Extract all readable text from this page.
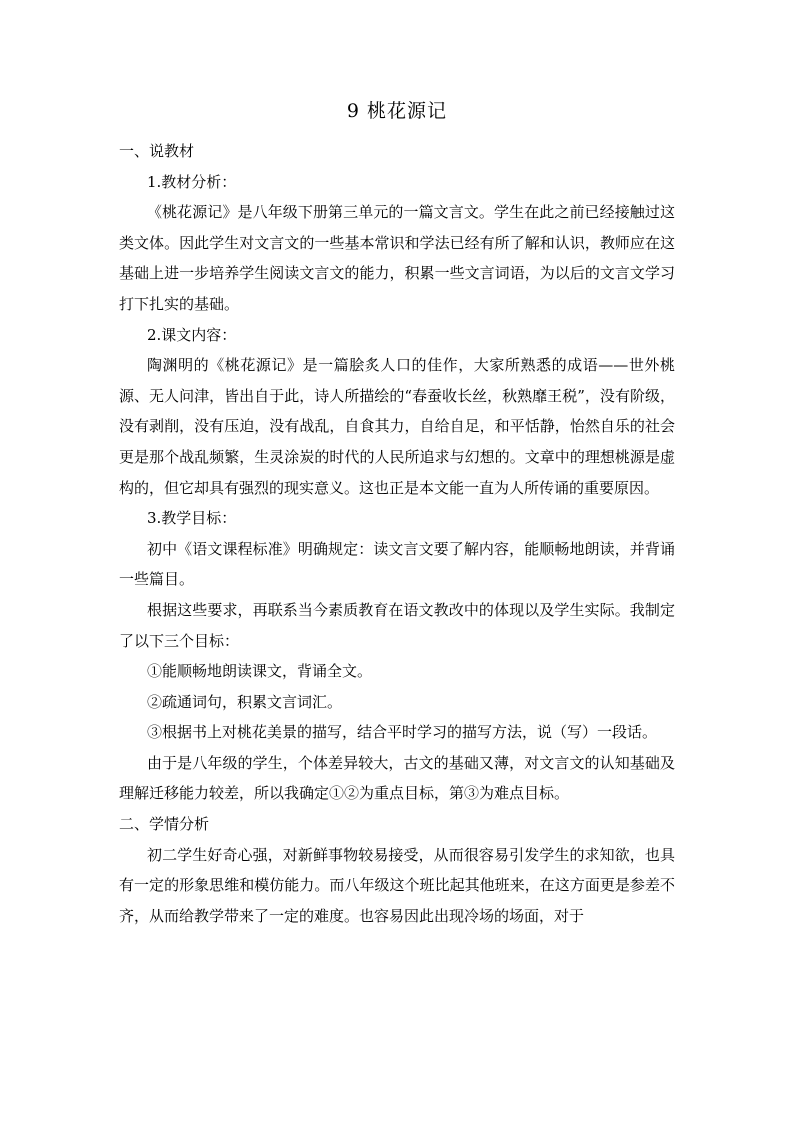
9 桃花源记

一、说教材

1.教材分析：

《桃花源记》是八年级下册第三单元的一篇文言文。学生在此之前已经接触过这类文体。因此学生对文言文的一些基本常识和学法已经有所了解和认识，教师应在这基础上进一步培养学生阅读文言文的能力，积累一些文言词语，为以后的文言文学习打下扎实的基础。

2.课文内容：

陶渊明的《桃花源记》是一篇脍炙人口的佳作，大家所熟悉的成语——世外桃源、无人问津，皆出自于此，诗人所描绘的“春蚕收长丝，秋熟靡王税”，没有阶级，没有剥削，没有压迫，没有战乱，自食其力，自给自足，和平恬静，怡然自乐的社会更是那个战乱频繁，生灵涂炭的时代的人民所追求与幻想的。文章中的理想桃源是虚构的，但它却具有强烈的现实意义。这也正是本文能一直为人所传诵的重要原因。

3.教学目标：

初中《语文课程标准》明确规定：读文言文要了解内容，能顺畅地朗读，并背诵一些篇目。

根据这些要求，再联系当今素质教育在语文教改中的体现以及学生实际。我制定了以下三个目标：

①能顺畅地朗读课文，背诵全文。

②疏通词句，积累文言词汇。

③根据书上对桃花美景的描写，结合平时学习的描写方法，说（写）一段话。

由于是八年级的学生，个体差异较大，古文的基础又薄，对文言文的认知基础及理解迁移能力较差，所以我确定①②为重点目标，第③为难点目标。

二、学情分析

初二学生好奇心强，对新鲜事物较易接受，从而很容易引发学生的求知欲，也具有一定的形象思维和模仿能力。而八年级这个班比起其他班来，在这方面更是参差不齐，从而给教学带来了一定的难度。也容易因此出现冷场的场面，对于
